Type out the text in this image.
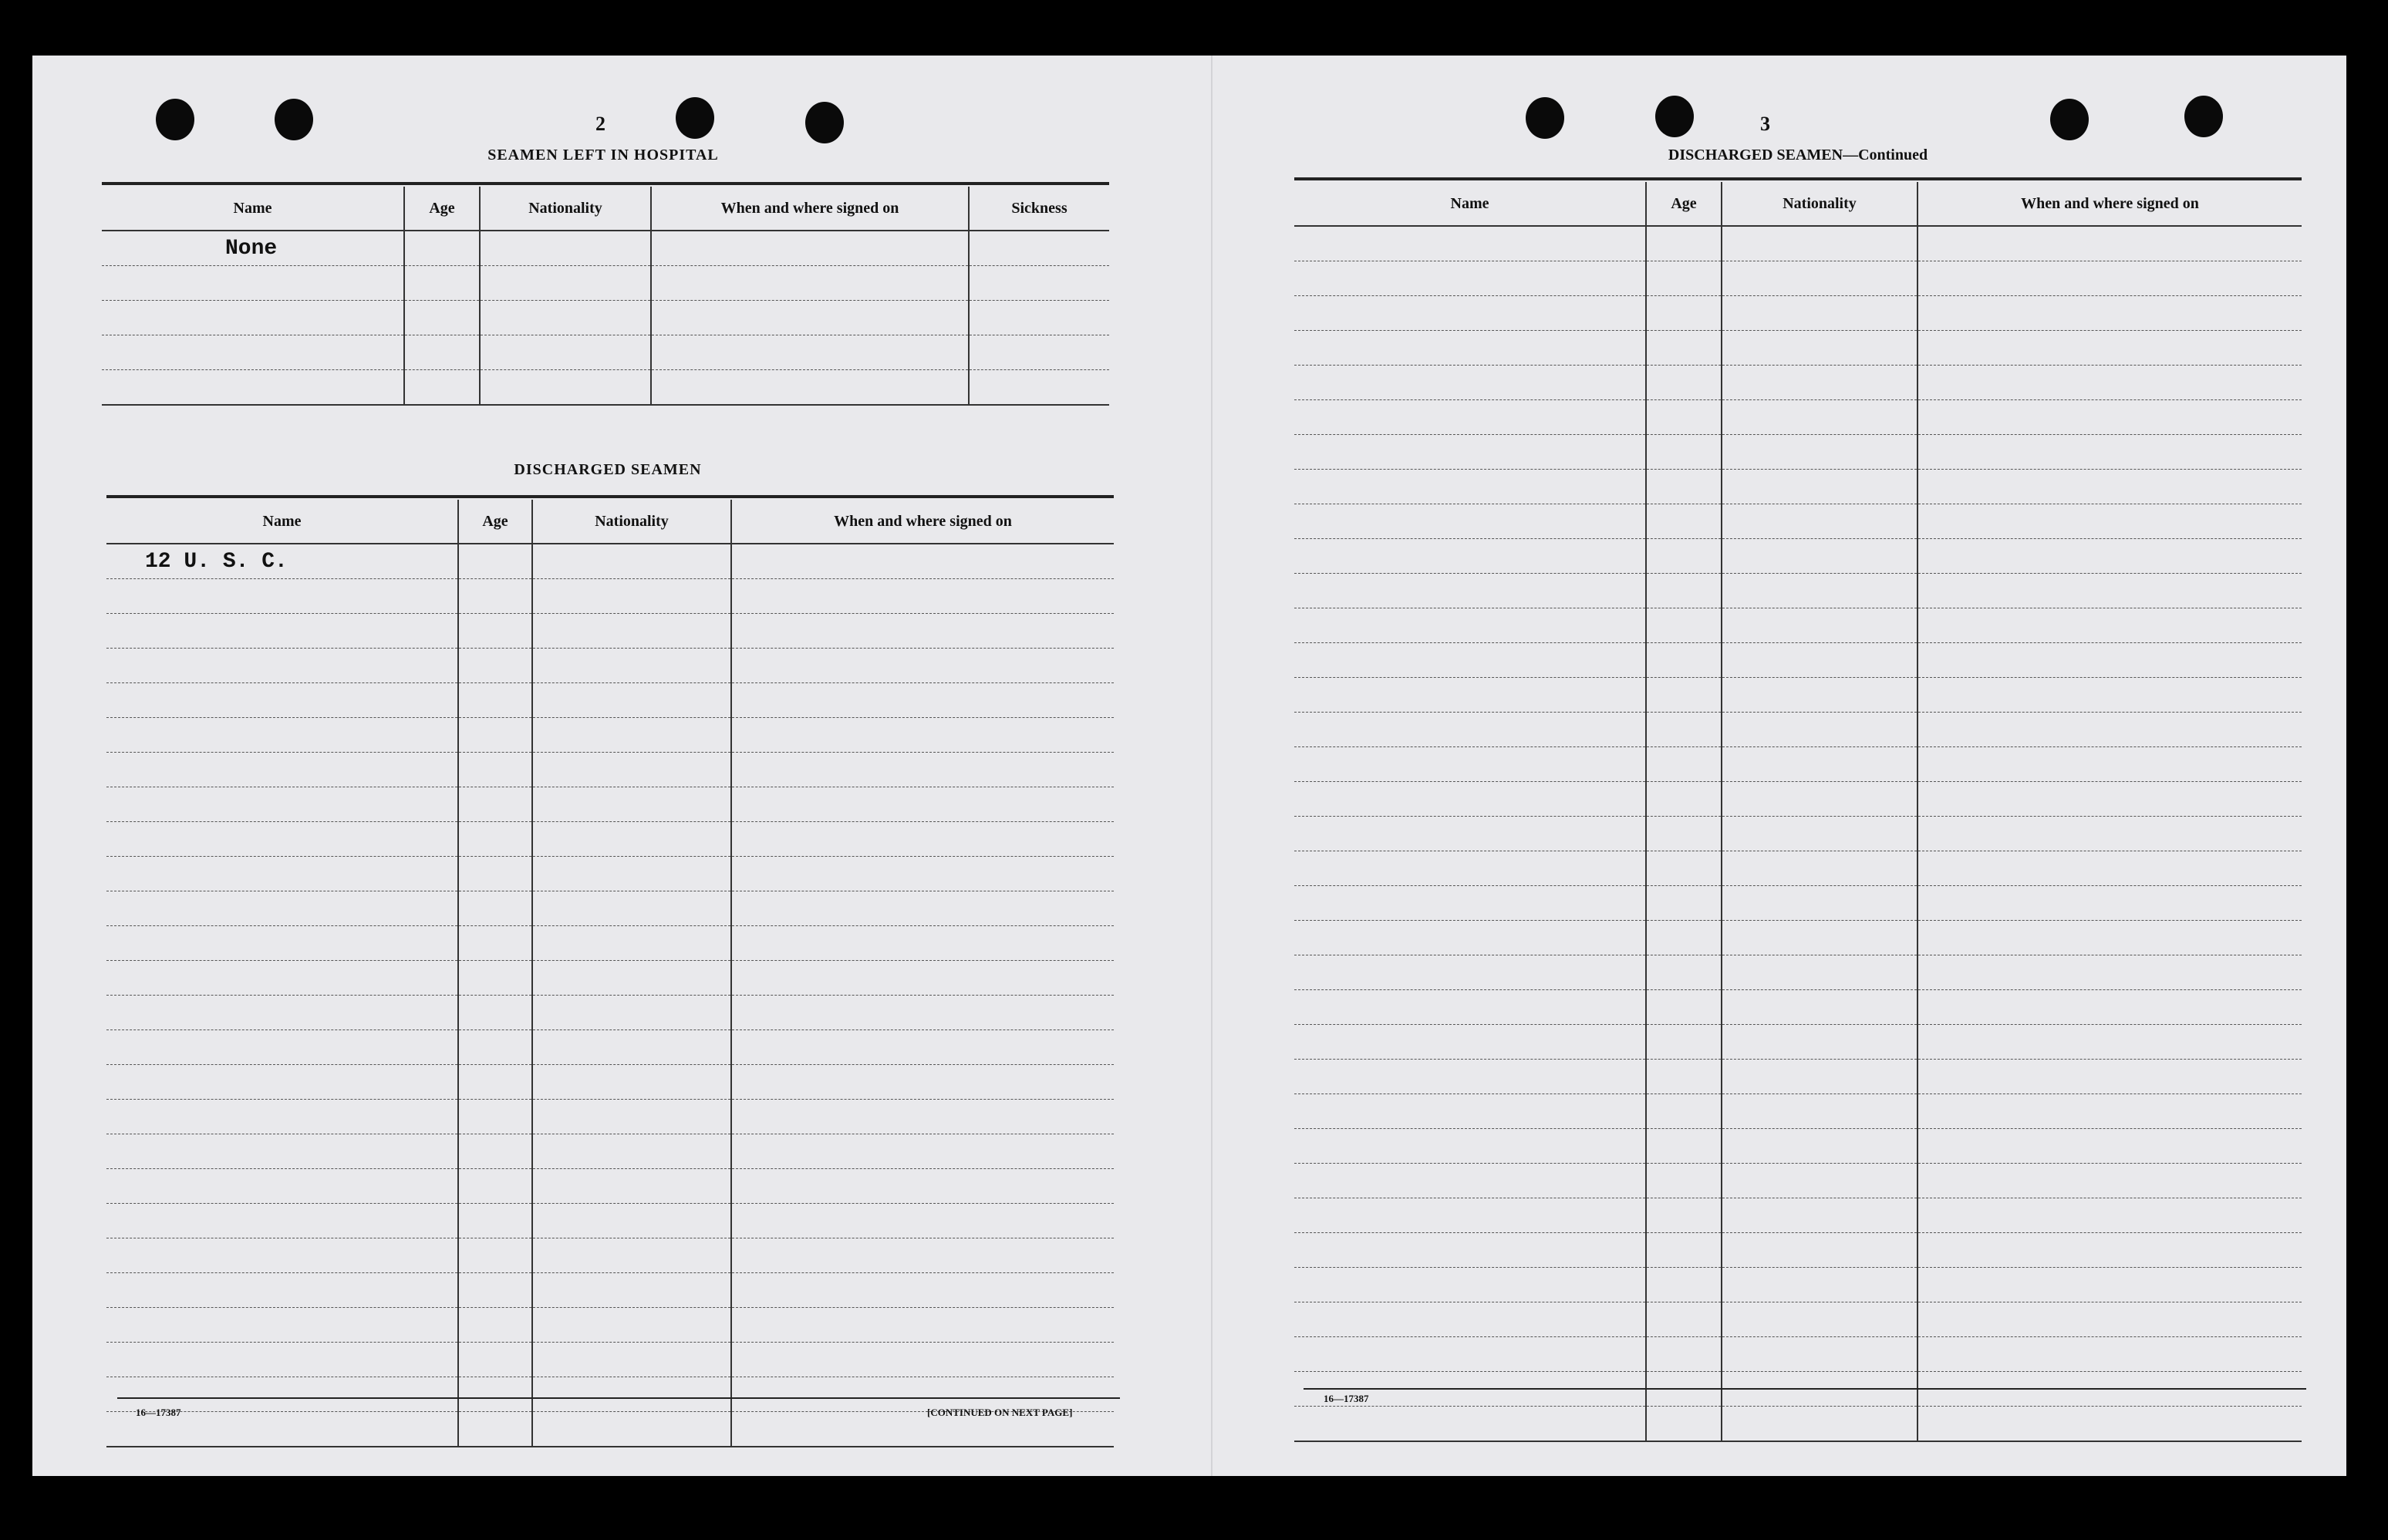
2
SEAMEN LEFT IN HOSPITAL
Name	Age	Nationality	When and where signed on	Sickness
None				

DISCHARGED SEAMEN
Name	Age	Nationality	When and where signed on
12 U. S. C.			

16—17387	[CONTINUED ON NEXT PAGE]
3
DISCHARGED SEAMEN—Continued
Name	Age	Nationality	When and where signed on

16—17387
